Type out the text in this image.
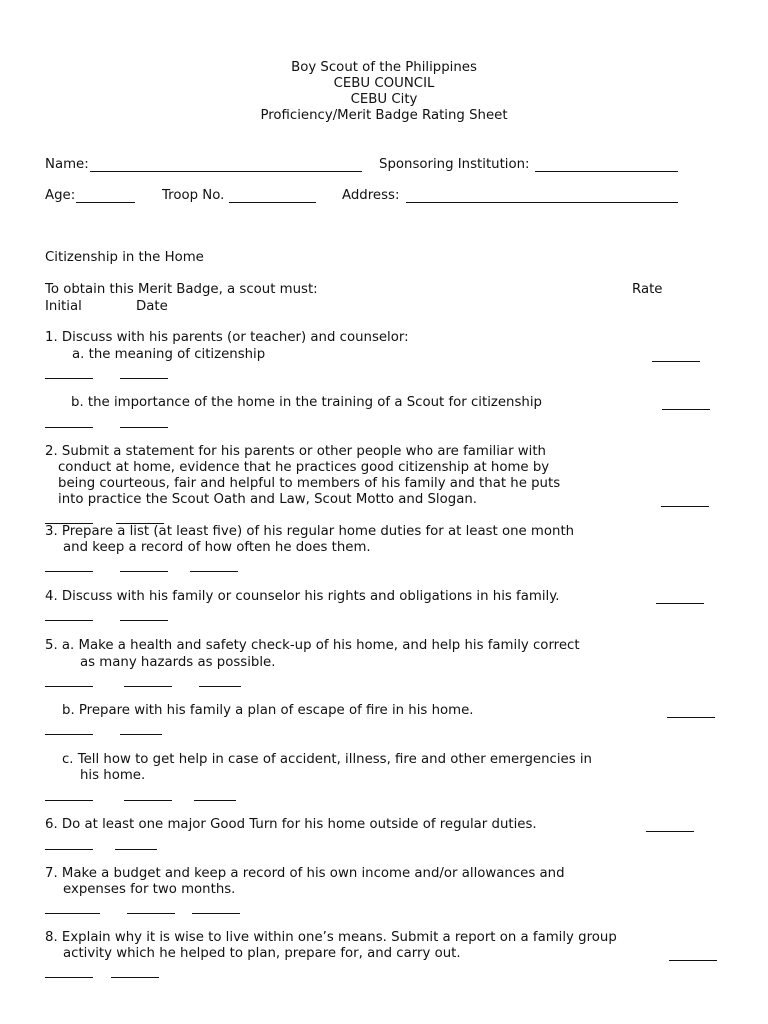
Boy Scout of the Philippines
CEBU COUNCIL
CEBU City
Proficiency/Merit Badge Rating Sheet
Name:	Sponsoring Institution:
Age:	Troop No.	Address:
Citizenship in the Home
To obtain this Merit Badge, a scout must:	Rate
Initial	Date
1. Discuss with his parents (or teacher) and counselor:
a. the meaning of citizenship
b. the importance of the home in the training of a Scout for citizenship
2. Submit a statement for his parents or other people who are familiar with
conduct at home, evidence that he practices good citizenship at home by
being courteous, fair and helpful to members of his family and that he puts
into practice the Scout Oath and Law, Scout Motto and Slogan.
3. Prepare a list (at least five) of his regular home duties for at least one month
and keep a record of how often he does them.
4. Discuss with his family or counselor his rights and obligations in his family.
5. a. Make a health and safety check-up of his home, and help his family correct
as many hazards as possible.
b. Prepare with his family a plan of escape of fire in his home.
c. Tell how to get help in case of accident, illness, fire and other emergencies in
his home.
6. Do at least one major Good Turn for his home outside of regular duties.
7. Make a budget and keep a record of his own income and/or allowances and
expenses for two months.
8. Explain why it is wise to live within one’s means. Submit a report on a family group
activity which he helped to plan, prepare for, and carry out.
